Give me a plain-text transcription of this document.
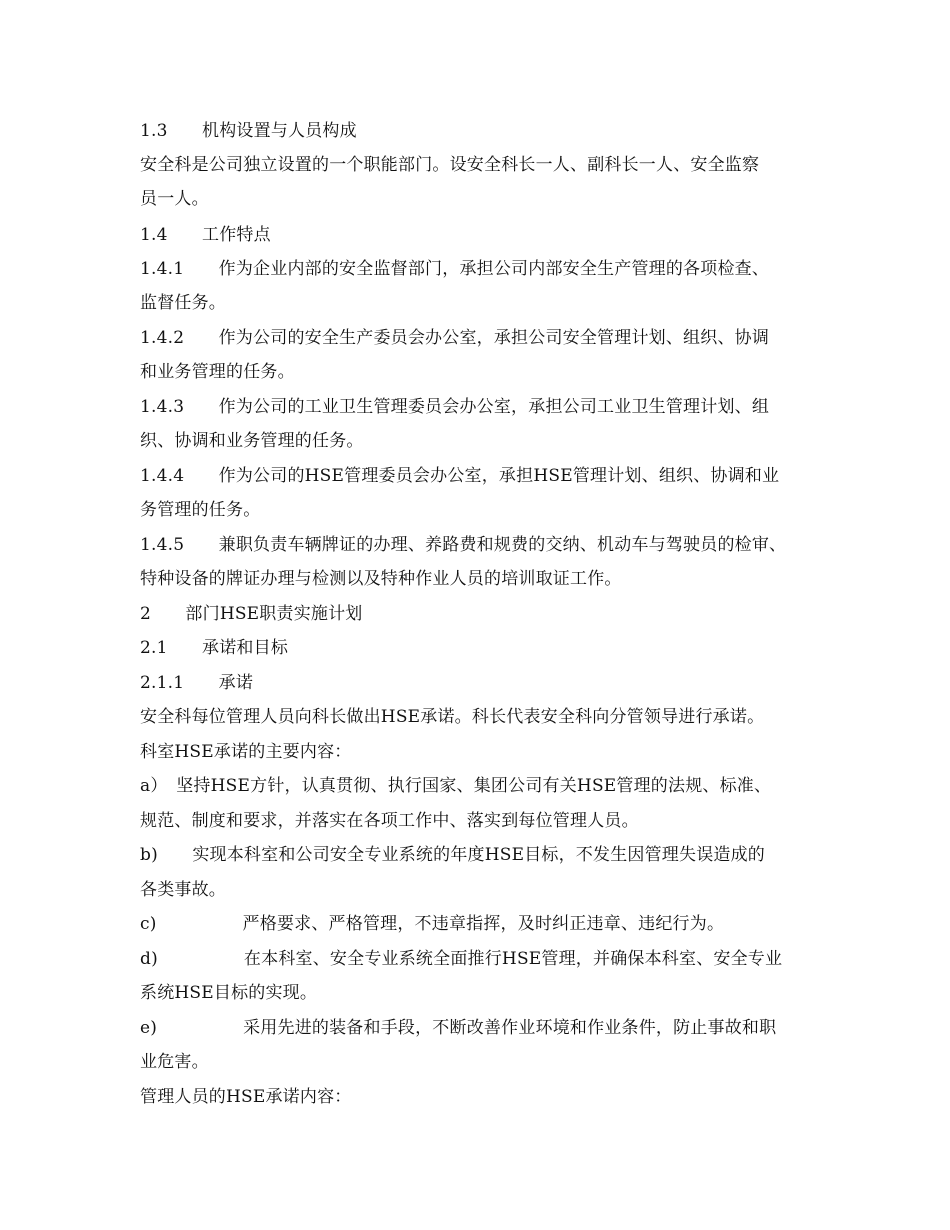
1.3　　机构设置与人员构成

安全科是公司独立设置的一个职能部门。设安全科长一人、副科长一人、安全监察

员一人。

1.4　　工作特点

1.4.1　　作为企业内部的安全监督部门，承担公司内部安全生产管理的各项检查、

监督任务。

1.4.2　　作为公司的安全生产委员会办公室，承担公司安全管理计划、组织、协调

和业务管理的任务。

1.4.3　　作为公司的工业卫生管理委员会办公室，承担公司工业卫生管理计划、组

织、协调和业务管理的任务。

1.4.4　　作为公司的HSE管理委员会办公室，承担HSE管理计划、组织、协调和业

务管理的任务。

1.4.5　　兼职负责车辆牌证的办理、养路费和规费的交纳、机动车与驾驶员的检审、

特种设备的牌证办理与检测以及特种作业人员的培训取证工作。

2　　部门HSE职责实施计划

2.1　　承诺和目标

2.1.1　　承诺

安全科每位管理人员向科长做出HSE承诺。科长代表安全科向分管领导进行承诺。

科室HSE承诺的主要内容：

a）　坚持HSE方针，认真贯彻、执行国家、集团公司有关HSE管理的法规、标准、

规范、制度和要求，并落实在各项工作中、落实到每位管理人员。

b)　　实现本科室和公司安全专业系统的年度HSE目标，不发生因管理失误造成的

各类事故。

c)　　　　　严格要求、严格管理，不违章指挥，及时纠正违章、违纪行为。

d)　　　　　在本科室、安全专业系统全面推行HSE管理，并确保本科室、安全专业

系统HSE目标的实现。

e)　　　　　采用先进的装备和手段，不断改善作业环境和作业条件，防止事故和职

业危害。

管理人员的HSE承诺内容：
